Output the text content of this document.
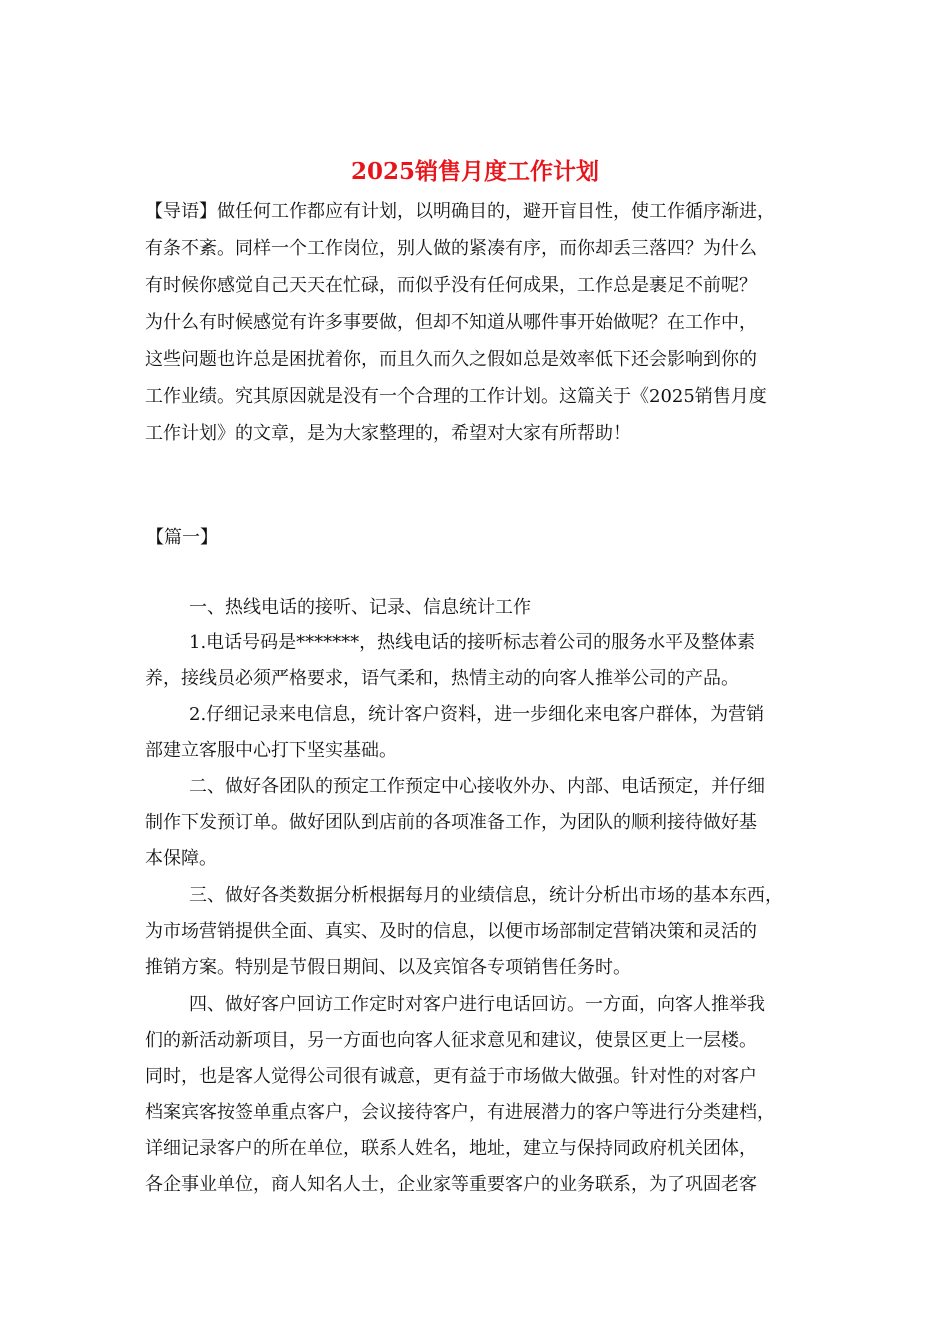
2025销售月度工作计划
【导语】做任何工作都应有计划，以明确目的，避开盲目性，使工作循序渐进，
有条不紊。同样一个工作岗位，别人做的紧凑有序，而你却丢三落四？为什么
有时候你感觉自己天天在忙碌，而似乎没有任何成果，工作总是裹足不前呢？
为什么有时候感觉有许多事要做，但却不知道从哪件事开始做呢？在工作中，
这些问题也许总是困扰着你，而且久而久之假如总是效率低下还会影响到你的
工作业绩。究其原因就是没有一个合理的工作计划。这篇关于《2025销售月度
工作计划》的文章，是为大家整理的，希望对大家有所帮助！
【篇一】
一、热线电话的接听、记录、信息统计工作
1.电话号码是*******，热线电话的接听标志着公司的服务水平及整体素
养，接线员必须严格要求，语气柔和，热情主动的向客人推举公司的产品。
2.仔细记录来电信息，统计客户资料，进一步细化来电客户群体，为营销
部建立客服中心打下坚实基础。
二、做好各团队的预定工作预定中心接收外办、内部、电话预定，并仔细
制作下发预订单。做好团队到店前的各项准备工作，为团队的顺利接待做好基
本保障。
三、做好各类数据分析根据每月的业绩信息，统计分析出市场的基本东西，
为市场营销提供全面、真实、及时的信息，以便市场部制定营销决策和灵活的
推销方案。特别是节假日期间、以及宾馆各专项销售任务时。
四、做好客户回访工作定时对客户进行电话回访。一方面，向客人推举我
们的新活动新项目，另一方面也向客人征求意见和建议，使景区更上一层楼。
同时，也是客人觉得公司很有诚意，更有益于市场做大做强。针对性的对客户
档案宾客按签单重点客户，会议接待客户，有进展潜力的客户等进行分类建档，
详细记录客户的所在单位，联系人姓名，地址，建立与保持同政府机关团体，
各企事业单位，商人知名人士，企业家等重要客户的业务联系，为了巩固老客
